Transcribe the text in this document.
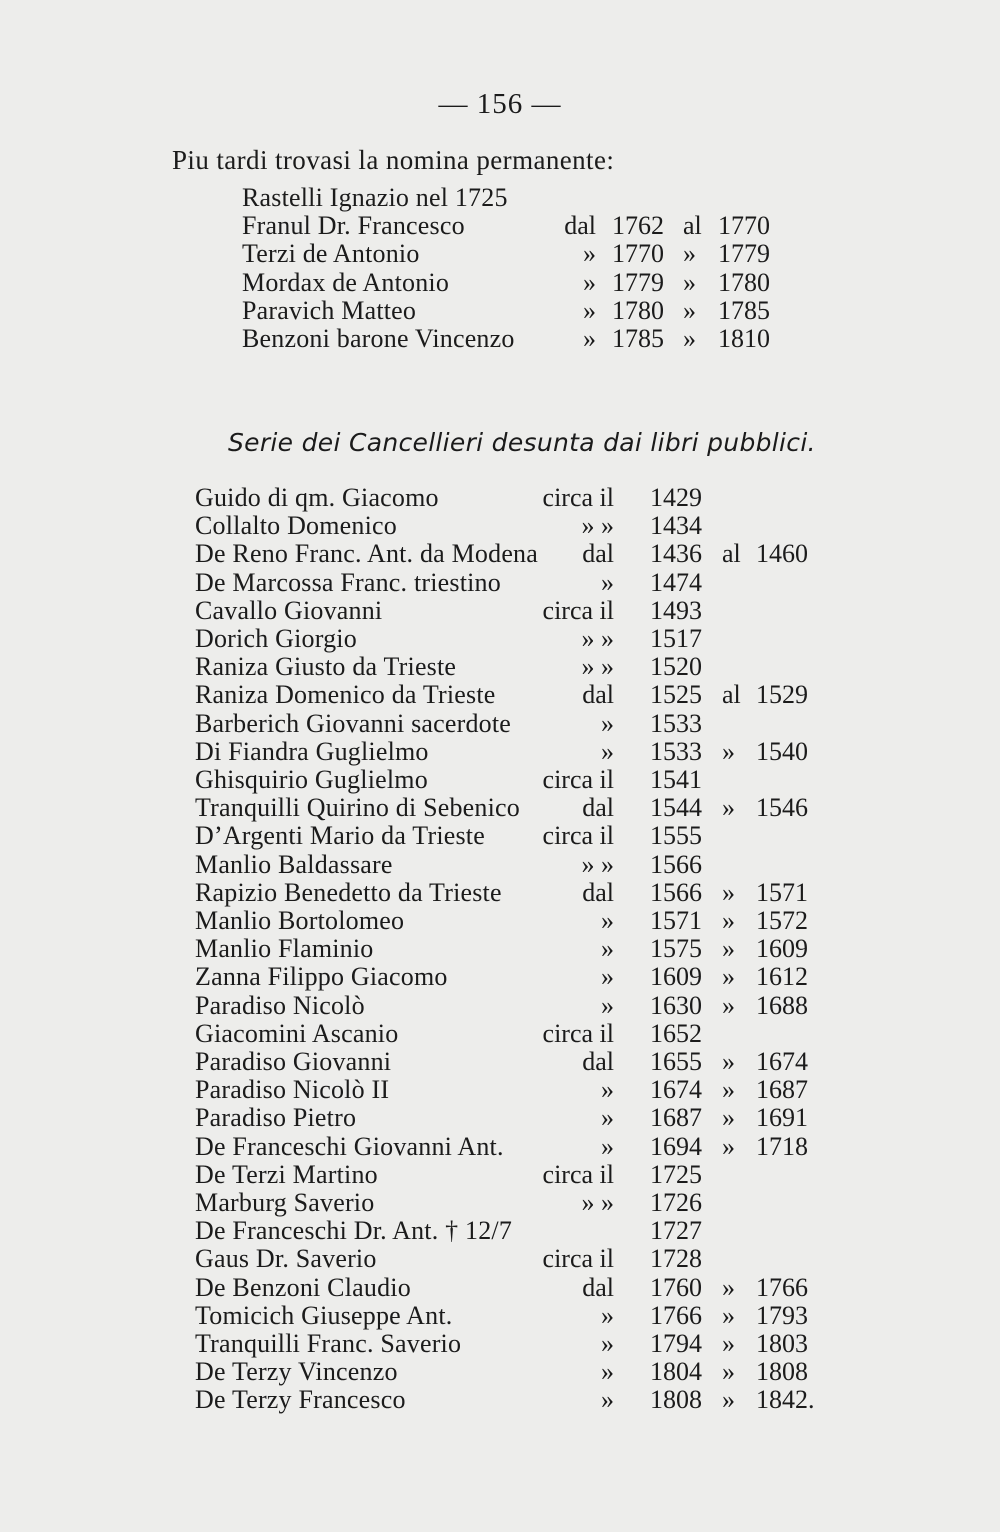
— 156 —
Piu tardi trovasi la nomina permanente:
Rastelli Ignazio nel 1725
Franul Dr. Francesco	dal 1762 al 1770
Terzi de Antonio	» 1770 » 1779
Mordax de Antonio	» 1779 » 1780
Paravich Matteo	» 1780 » 1785
Benzoni barone Vincenzo	» 1785 » 1810
Serie dei Cancellieri desunta dai libri pubblici.
Guido di qm. Giacomo	circa il 1429
Collalto Domenico	» » 1434
De Reno Franc. Ant. da Modena	dal 1436 al 1460
De Marcossa Franc. triestino	» 1474
Cavallo Giovanni	circa il 1493
Dorich Giorgio	» » 1517
Raniza Giusto da Trieste	» » 1520
Raniza Domenico da Trieste	dal 1525 al 1529
Barberich Giovanni sacerdote	» 1533
Di Fiandra Guglielmo	» 1533 » 1540
Ghisquirio Guglielmo	circa il 1541
Tranquilli Quirino di Sebenico	dal 1544 » 1546
D’Argenti Mario da Trieste	circa il 1555
Manlio Baldassare	» » 1566
Rapizio Benedetto da Trieste	dal 1566 » 1571
Manlio Bortolomeo	» 1571 » 1572
Manlio Flaminio	» 1575 » 1609
Zanna Filippo Giacomo	» 1609 » 1612
Paradiso Nicolò	» 1630 » 1688
Giacomini Ascanio	circa il 1652
Paradiso Giovanni	dal 1655 » 1674
Paradiso Nicolò II	» 1674 » 1687
Paradiso Pietro	» 1687 » 1691
De Franceschi Giovanni Ant.	» 1694 » 1718
De Terzi Martino	circa il 1725
Marburg Saverio	» » 1726
De Franceschi Dr. Ant. † 12/7	1727
Gaus Dr. Saverio	circa il 1728
De Benzoni Claudio	dal 1760 » 1766
Tomicich Giuseppe Ant.	» 1766 » 1793
Tranquilli Franc. Saverio	» 1794 » 1803
De Terzy Vincenzo	» 1804 » 1808
De Terzy Francesco	» 1808 » 1842.
